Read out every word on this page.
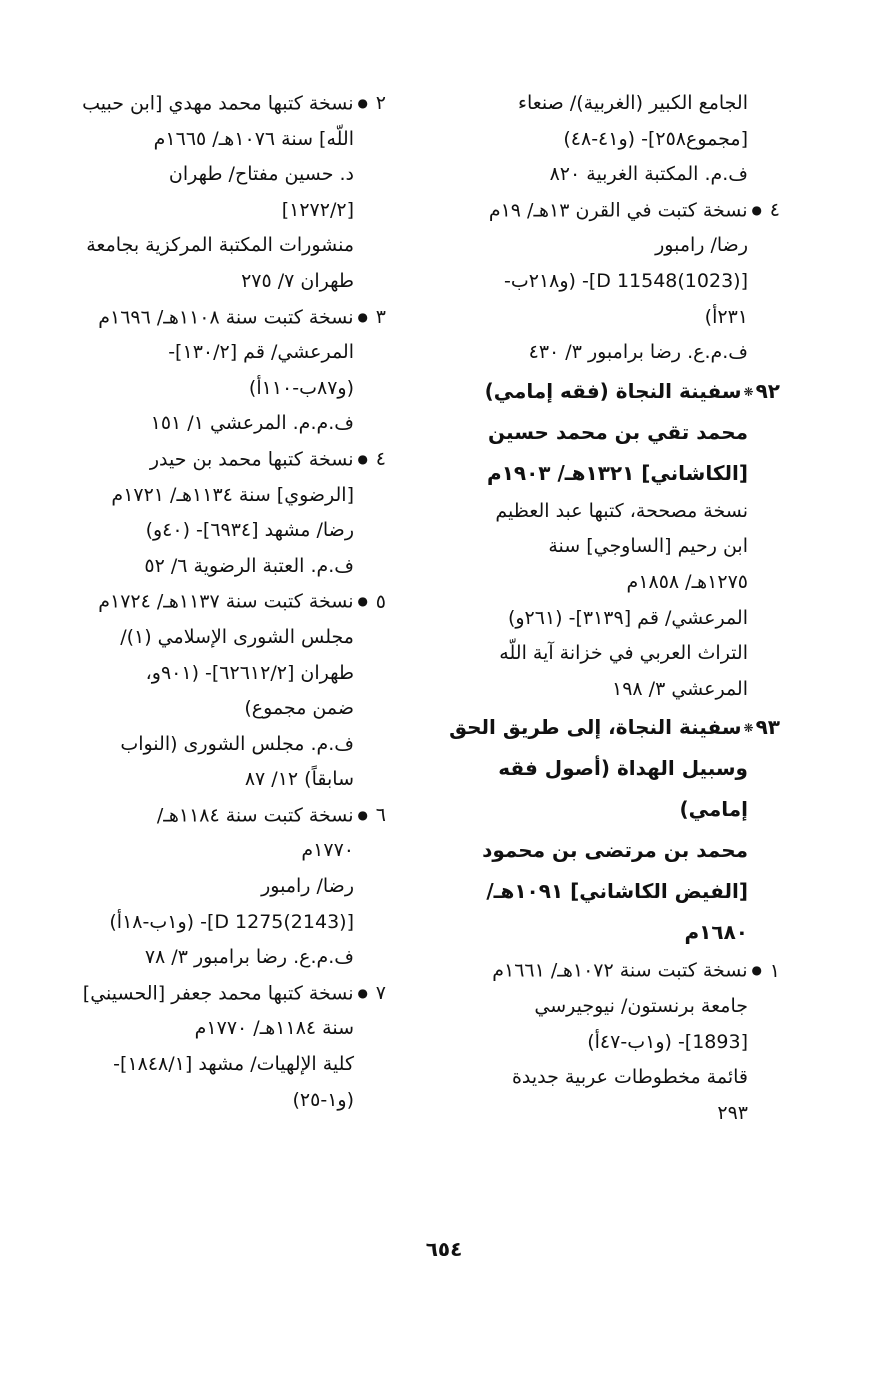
الجامع الكبير (الغربية)/ صنعاء
[مجموع٢٥٨]- (و٤١-٤٨)
ف.م. المكتبة الغربية ٨٢٠
٤●نسخة كتبت في القرن ١٣هـ/ ١٩م
رضا/ رامبور
[D 11548(1023)]- (و٢١٨ب-
٢٣١أ)
ف.م.ع. رضا برامبور ٣/ ٤٣٠
٩٢❋سفينة النجاة (فقه إمامي)
محمد تقي بن محمد حسين
[الكاشاني] ١٣٢١هـ/ ١٩٠٣م
نسخة مصححة، كتبها عبد العظيم
ابن رحيم [الساوجي] سنة
١٢٧٥هـ/ ١٨٥٨م
المرعشي/ قم [٣١٣٩]- (٢٦١و)
التراث العربي في خزانة آية اللّه
المرعشي ٣/ ١٩٨
٩٣❋سفينة النجاة، إلى طريق الحق
وسبيل الهداة (أصول فقه
إمامي)
محمد بن مرتضى بن محمود
[الفيض الكاشاني] ١٠٩١هـ/
١٦٨٠م
١●نسخة كتبت سنة ١٠٧٢هـ/ ١٦٦١م
جامعة برنستون/ نيوجيرسي
[1893]- (و١ب-٤٧أ)
قائمة مخطوطات عربية جديدة
٢٩٣
٢●نسخة كتبها محمد مهدي [ابن حبيب
اللّه] سنة ١٠٧٦هـ/ ١٦٦٥م
د. حسين مفتاح/ طهران
[١٢٧٢/٢]
منشورات المكتبة المركزية بجامعة
طهران ٧/ ٢٧٥
٣●نسخة كتبت سنة ١١٠٨هـ/ ١٦٩٦م
المرعشي/ قم [١٣٠/٢]-
(و٨٧ب-١١٠أ)
ف.م.م. المرعشي ١/ ١٥١
٤●نسخة كتبها محمد بن حيدر
[الرضوي] سنة ١١٣٤هـ/ ١٧٢١م
رضا/ مشهد [٦٩٣٤]- (٤٠و)
ف.م. العتبة الرضوية ٦/ ٥٢
٥●نسخة كتبت سنة ١١٣٧هـ/ ١٧٢٤م
مجلس الشورى الإسلامي (١)/
طهران [٦٢٦١٢/٢]- (٩٠١و،
ضمن مجموع)
ف.م. مجلس الشورى (النواب
سابقاً) ١٢/ ٨٧
٦●نسخة كتبت سنة ١١٨٤هـ/
١٧٧٠م
رضا/ رامبور
[D 1275(2143)]- (و١ب-١٨أ)
ف.م.ع. رضا برامبور ٣/ ٧٨
٧●نسخة كتبها محمد جعفر [الحسيني]
سنة ١١٨٤هـ/ ١٧٧٠م
كلية الإلهيات/ مشهد [١٨٤٨/١]-
(و١-٢٥)
٦٥٤
